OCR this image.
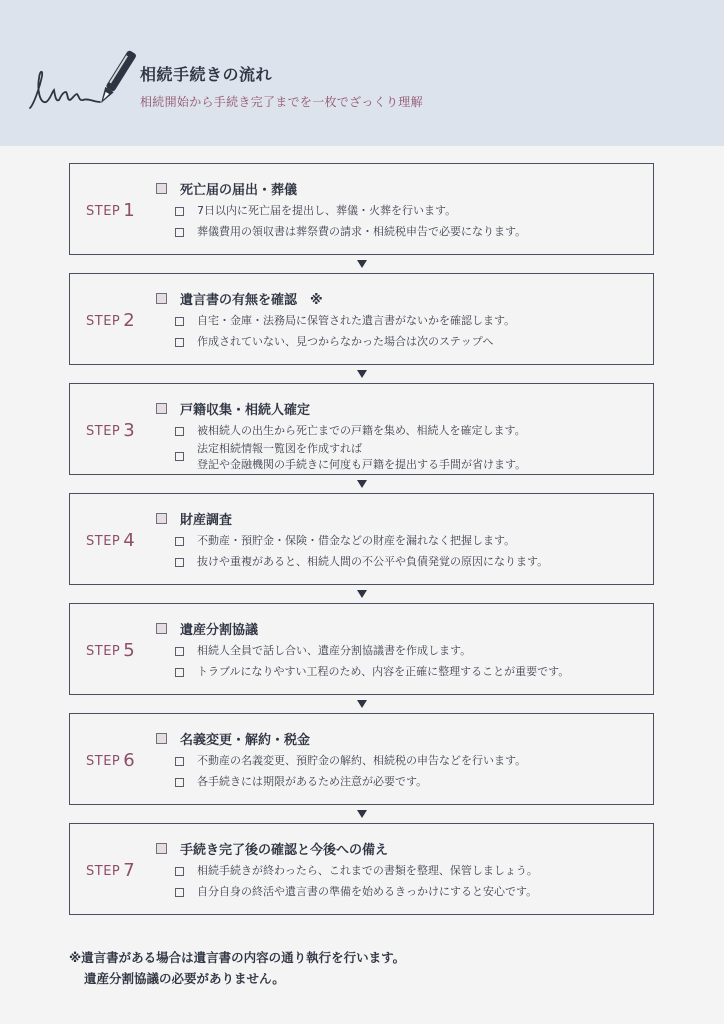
相続手続きの流れ
相続開始から手続き完了までを一枚でざっくり理解
STEP 1
死亡届の届出・葬儀
7日以内に死亡届を提出し、葬儀・火葬を行います。
葬儀費用の領収書は葬祭費の請求・相続税申告で必要になります。
STEP 2
遺言書の有無を確認　※
自宅・金庫・法務局に保管された遺言書がないかを確認します。
作成されていない、見つからなかった場合は次のステップへ
STEP 3
戸籍収集・相続人確定
被相続人の出生から死亡までの戸籍を集め、相続人を確定します。
法定相続情報一覧図を作成すれば
登記や金融機関の手続きに何度も戸籍を提出する手間が省けます。
STEP 4
財産調査
不動産・預貯金・保険・借金などの財産を漏れなく把握します。
抜けや重複があると、相続人間の不公平や負債発覚の原因になります。
STEP 5
遺産分割協議
相続人全員で話し合い、遺産分割協議書を作成します。
トラブルになりやすい工程のため、内容を正確に整理することが重要です。
STEP 6
名義変更・解約・税金
不動産の名義変更、預貯金の解約、相続税の申告などを行います。
各手続きには期限があるため注意が必要です。
STEP 7
手続き完了後の確認と今後への備え
相続手続きが終わったら、これまでの書類を整理、保管しましょう。
自分自身の終活や遺言書の準備を始めるきっかけにすると安心です。
※遺言書がある場合は遺言書の内容の通り執行を行います。
遺産分割協議の必要がありません。
